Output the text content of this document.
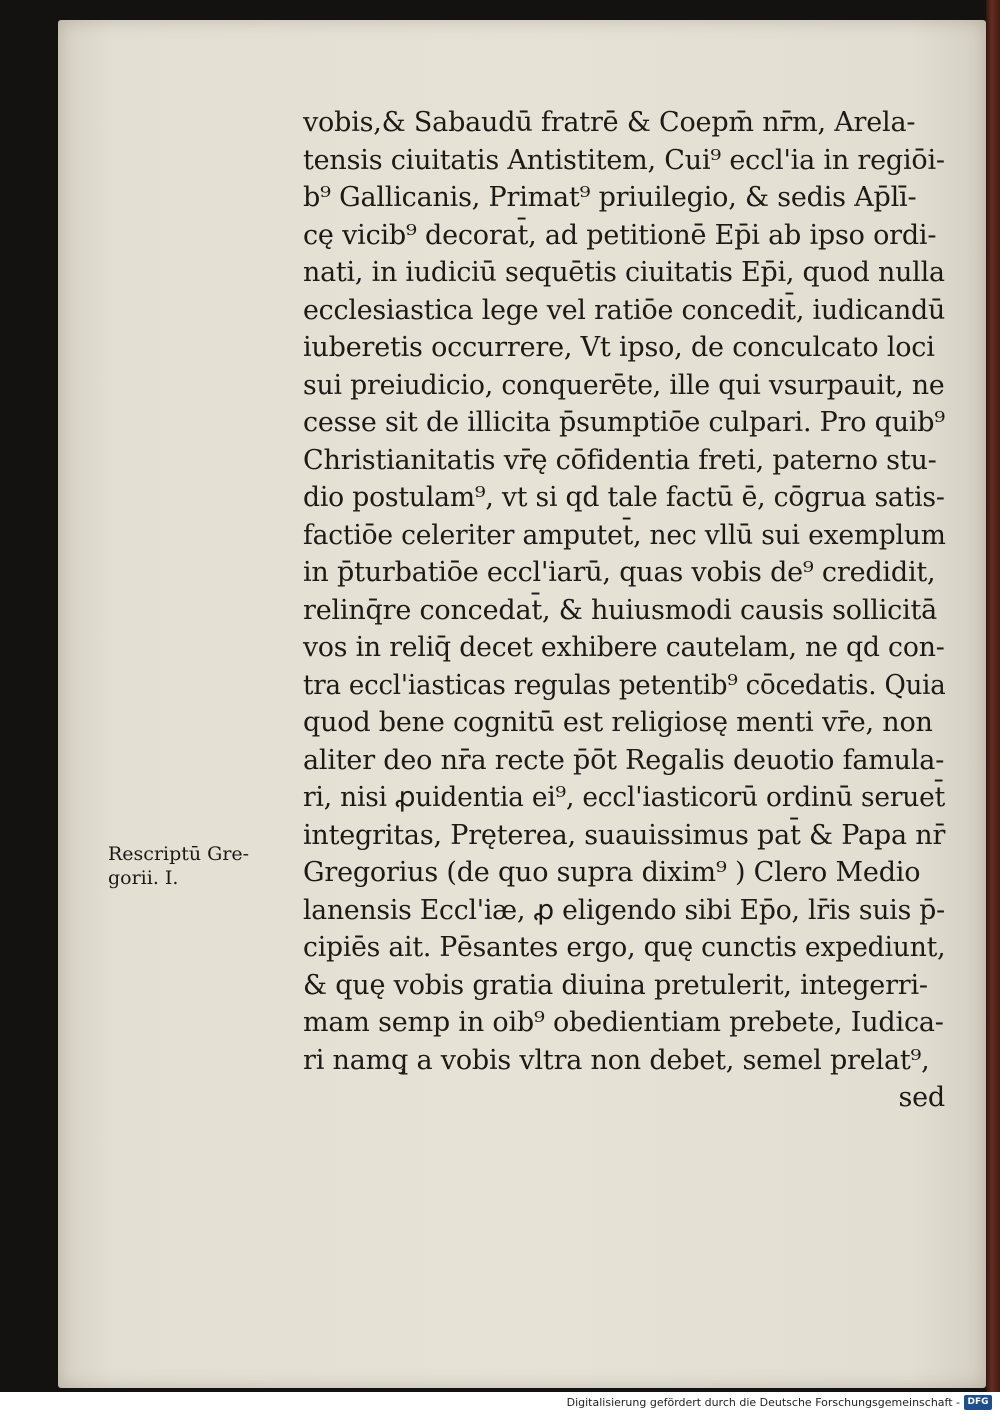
vobis,& Sabaudū fratrē & Coepm̄ nr̄m, Arela-
tensis ciuitatis Antistitem, Cui⁹ eccl'ia in regiōi-
b⁹ Gallicanis, Primat⁹ priuilegio, & sedis Ap̄lī-
cę vicib⁹ decorat̄, ad petitionē Ep̄i ab ipso ordi-
nati, in iudiciū sequētis ciuitatis Ep̄i, quod nulla
ecclesiastica lege vel ratiōe concedit̄, iudicandū
iuberetis occurrere, Vt ipso, de conculcato loci
sui preiudicio, conquerēte, ille qui vsurpauit, ne
cesse sit de illicita p̄sumptiōe culpari. Pro quib⁹
Christianitatis vr̄ę cōfidentia freti, paterno stu-
dio postulam⁹, vt si qd tale factū ē, cōgrua satis-
factiōe celeriter amputet̄, nec vllū sui exemplum
in p̄turbatiōe eccl'iarū, quas vobis de⁹ credidit,
relinq̄re concedat̄, & huiusmodi causis sollicitā
vos in reliq̄ decet exhibere cautelam, ne qd con-
tra eccl'iasticas regulas petentib⁹ cōcedatis. Quia
quod bene cognitū est religiosę menti vr̄e, non
aliter deo nr̄a recte p̄ōt Regalis deuotio famula-
ri, nisi ꝓuidentia ei⁹, eccl'iasticorū ordinū seruet̄
integritas, Pręterea, suauissimus pat̄ & Papa nr̄
Gregorius (de quo supra dixim⁹ ) Clero Medio
lanensis Eccl'iæ, ꝓ eligendo sibi Ep̄o, lr̄is suis p̄-
cipiēs ait. Pēsantes ergo, quę cunctis expediunt,
& quę vobis gratia diuina pretulerit, integerri-
mam semp in oib⁹ obedientiam prebete, Iudica-
ri namq̧ a vobis vltra non debet, semel prelat⁹,
sed
Rescriptū Gre-
gorii. I.
Digitalisierung gefördert durch die Deutsche Forschungsgemeinschaft - DFG
